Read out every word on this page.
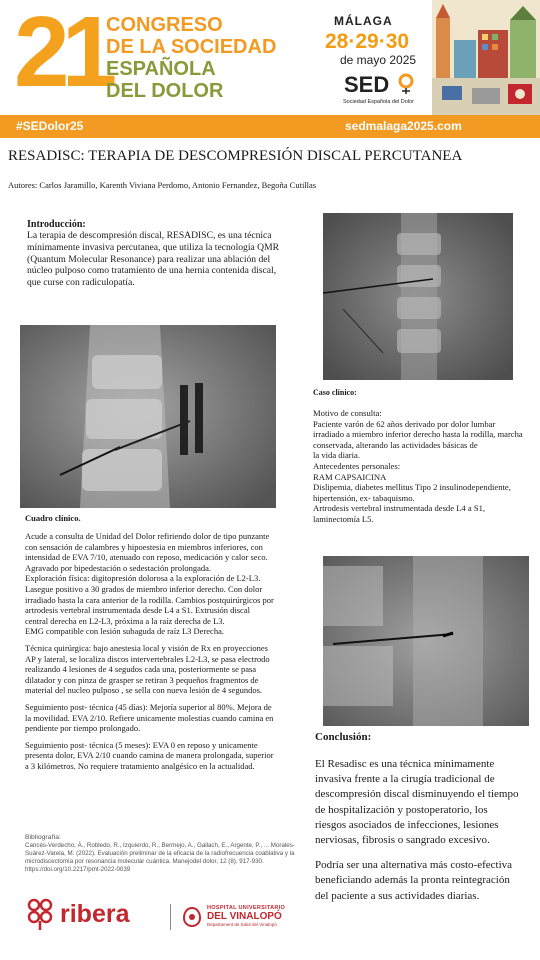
21
CONGRESO
DE LA SOCIEDAD
ESPAÑOLA
DEL DOLOR
MÁLAGA
28·29·30
de mayo 2025
SED
Sociedad Española del Dolor
#SEDolor25	sedmalaga2025.com
RESADISC: TERAPIA DE DESCOMPRESIÓN DISCAL PERCUTANEA
Autores: Carlos Jaramillo, Karenth Viviana Perdomo, Antonio Fernandez, Begoña Cutillas
Introducción:
La terapia de descompresión discal, RESADISC, es una técnica mínimamente invasiva percutanea, que utiliza la tecnología QMR (Quantum Molecular Resonance) para realizar una ablación del núcleo pulposo como tratamiento de una hernia contenida discal, que curse con radiculopatía.
Caso clínico:
Motivo de consulta:
Paciente varón de 62 años derivado por dolor lumbar irradiado a miembro inferior derecho hasta la rodilla, marcha conservada, alterando las actividades básicas de
la vida diaria.
Antecedentes personales:
RAM CAPSAICINA
Dislipemia, diabetes mellitus Tipo 2 insulinodependiente, hipertensión, ex- tabaquismo.
Artrodesis vertebral instrumentada desde L4 a S1, laminectomía L5.
Cuadro clínico.
Acude a consulta de Unidad del Dolor refiriendo dolor de tipo punzante con sensación de calambres y hipoestesia en miembros inferiores, con intensidad de EVA 7/10, atenuado con reposo, medicación y calor seco. Agravado por bipedestación o sedestación prolongada.
Exploración física: digitopresión dolorosa a la exploración de L2-L3. Lasegue positivo a 30 grados de miembro inferior derecho. Con dolor irradiado hasta la cara anterior de la rodilla. Cambios postquirúrgicos por artrodesis vertebral instrumentada desde L4 a S1. Extrusión discal central derecha en L2-L3, próxima a la raíz derecha de L3.
EMG compatible con lesión subaguda de raíz L3 Derecha.
Técnica quirúrgica: bajo anestesia local y visión de Rx en proyecciones AP y lateral, se localiza discos intervertebrales L2-L3, se pasa electrodo realizando 4 lesiones de 4 segudos cada una, posteriormente se pasa dilatador y con pinza de grasper se retiran 3 pequeños fragmentos de material del nucleo pulposo , se sella con nueva lesión de 4 segundos.
Seguimiento post- técnica (45 días): Mejoría superior al 80%. Mejora de la movilidad. EVA 2/10. Refiere unicamente molestias cuando camina en pendiente por tiempo prolongado.
Seguimiento post- técnica (5 meses): EVA 0 en reposo y unicamente presenta dolor, EVA 2/10 cuando camina de manera prolongada, superior a 3 kilómetros. No requiere tratamiento analgésico en la actualidad.
Conclusión:
El Resadisc es una técnica mínimamente invasiva frente a la cirugía tradicional de descompresión discal disminuyendo el tiempo de hospitalización y postoperatorio, los riesgos asociados de infecciones, lesiones nerviosas, fibrosis o sangrado excesivo.
Podría ser una alternativa más costo-efectiva beneficiando además la pronta reintegración del paciente a sus actividades diarias.
Bibliografía:
Cancés-Verdecho, Á., Robledo, R., Izquierdo, R., Bermejo, A., Gallach, E., Argente, P., ... Morales-Suárez-Varela, M. (2022). Evaluación preliminar de la eficacia de la radiofrecuencia coablativa y la microdiscectomía por resonancia molecular cuántica. Manejodel dolor, 12 (8), 917-930. https://doi.org/10.2217/pmt-2022-0039
ribera	HOSPITAL UNIVERSITARIO
DEL VINALOPÓ
Departament de Salut del Vinalopó
